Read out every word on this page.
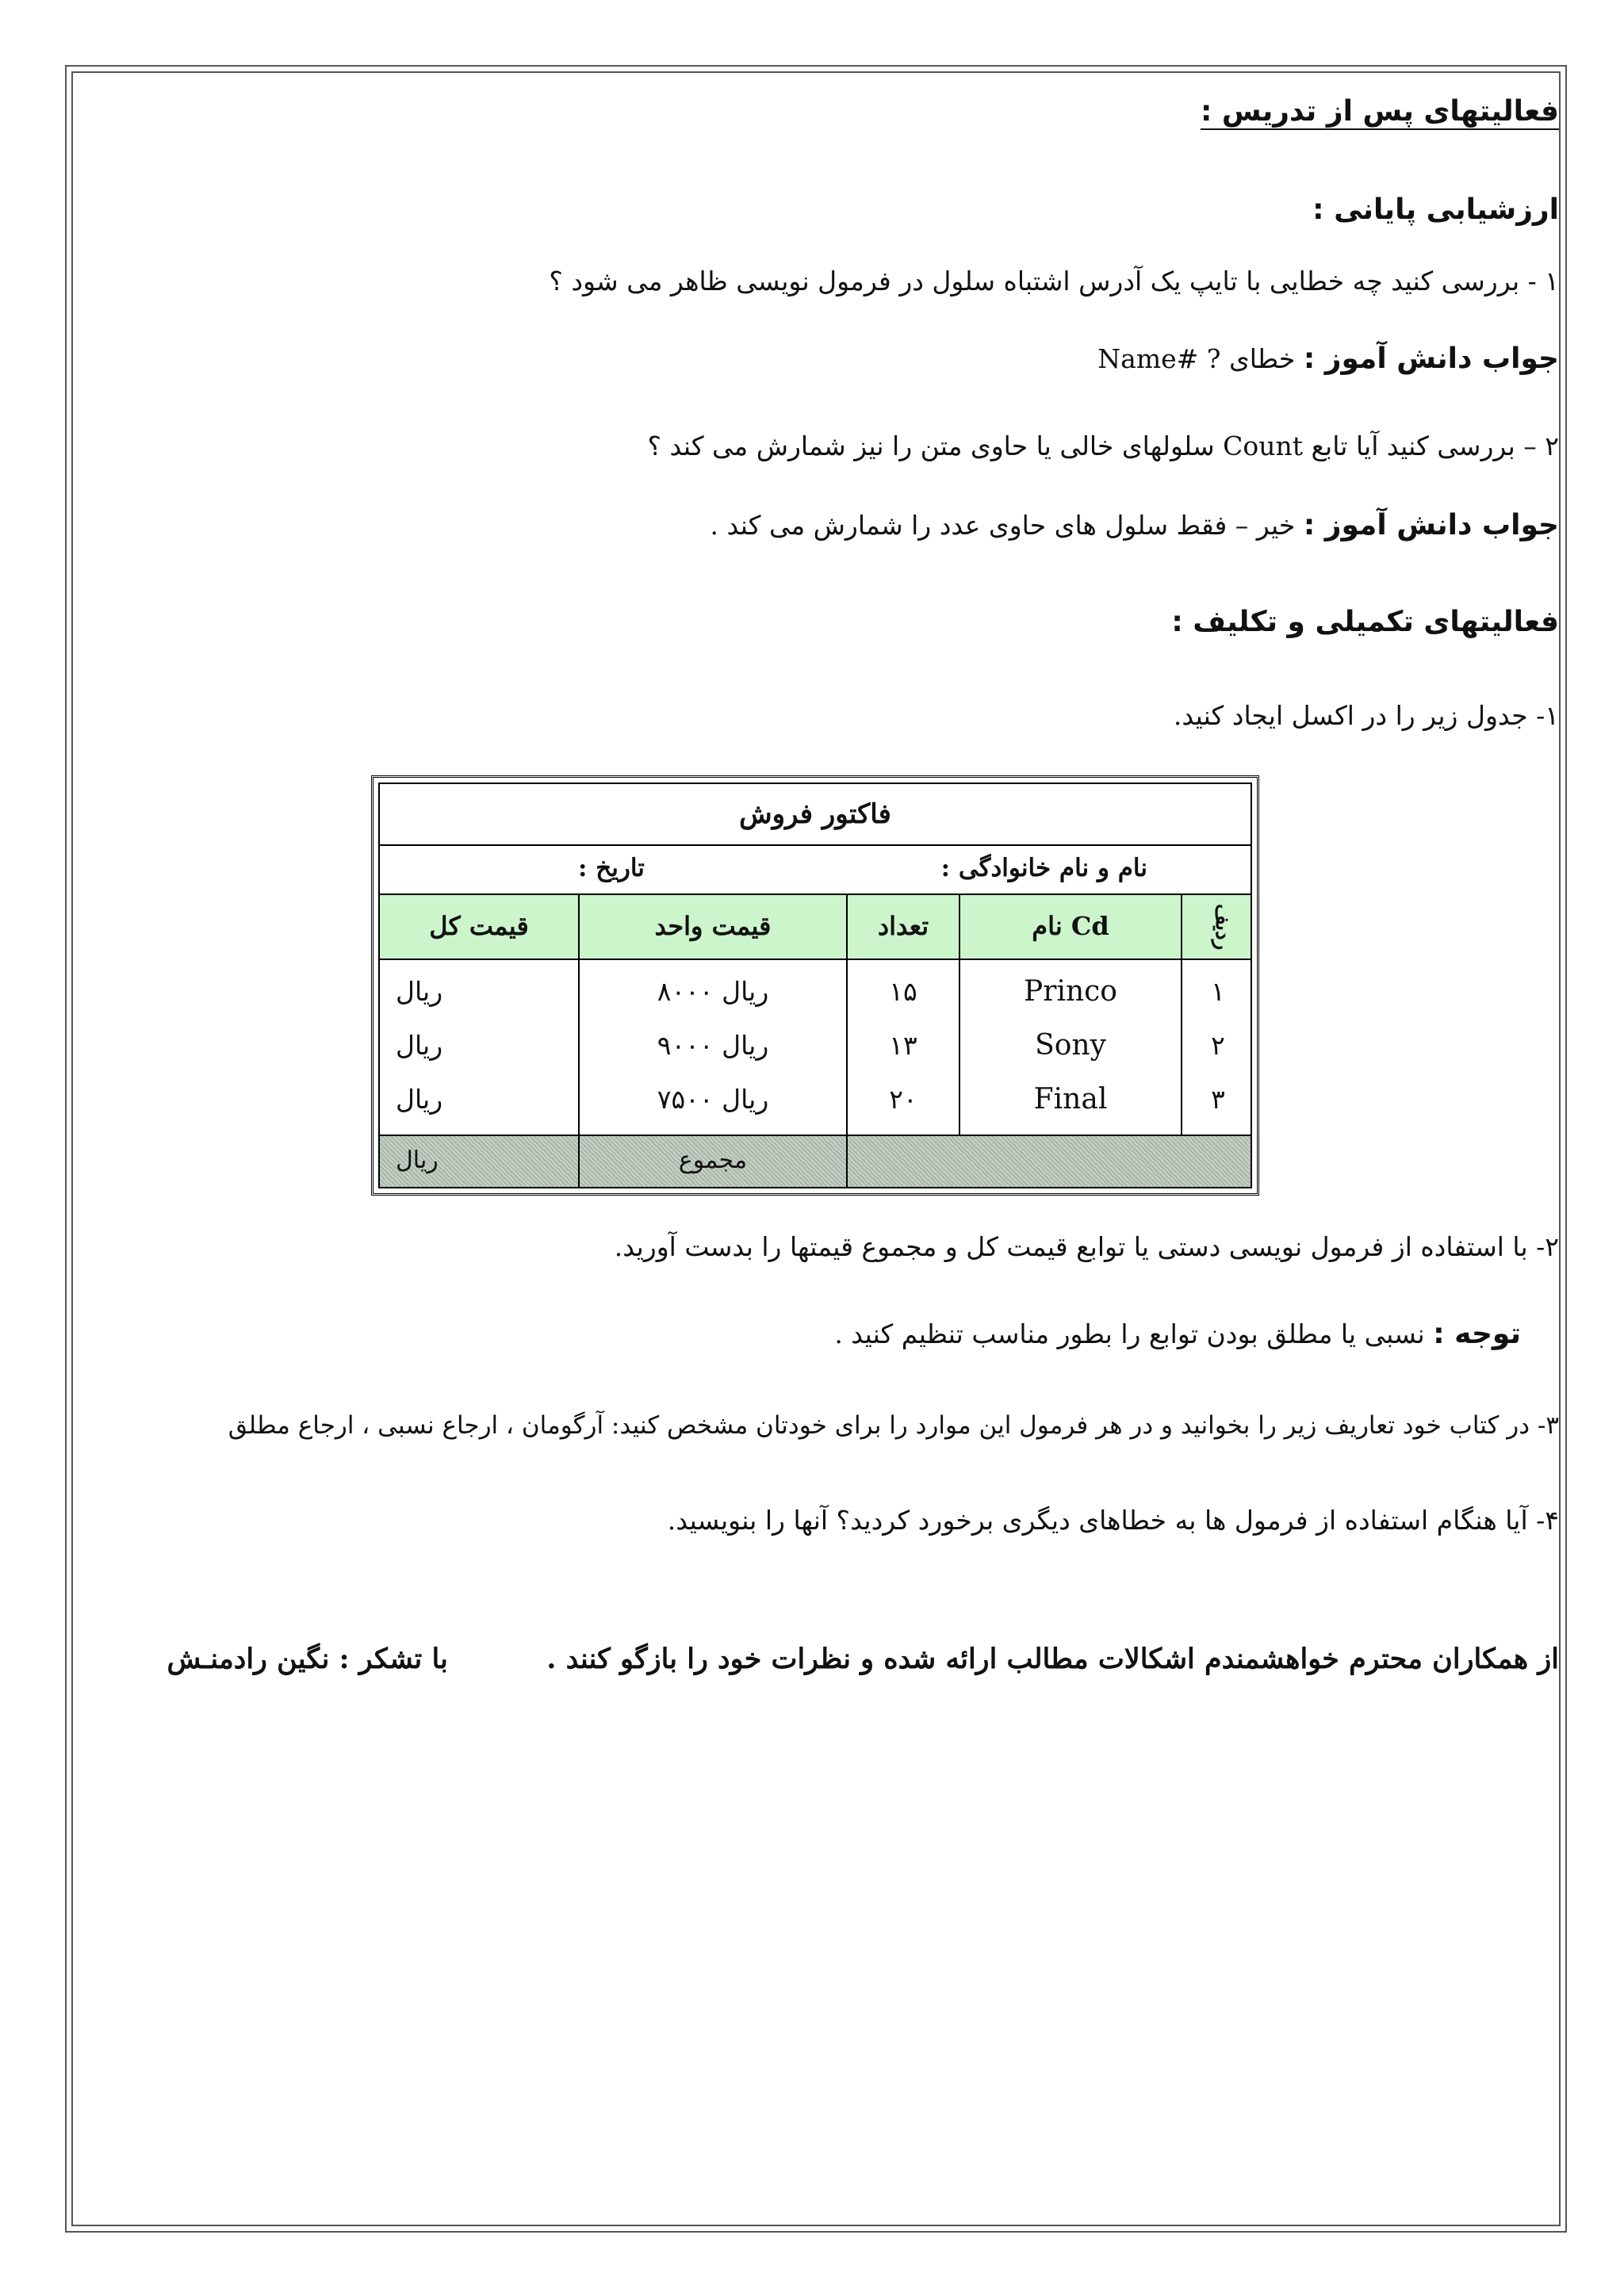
فعالیتهای پس از تدریس :
ارزشیابی پایانی :
۱ - بررسی کنید چه خطایی با تایپ یک آدرس اشتباه سلول در فرمول نویسی ظاهر می شود ؟
جواب دانش آموز : خطای ? #Name
۲ – بررسی کنید آیا تابع Count سلولهای خالی یا حاوی متن را نیز شمارش می کند ؟
جواب دانش آموز : خیر – فقط سلول های حاوی عدد را شمارش می کند .
فعالیتهای تکمیلی و تکلیف :
۱- جدول زیر را در اکسل ایجاد کنید.
فاکتور فروش
نام و نام خانوادگی :
تاریخ :
مجموع
ریال
ردیف
نام Cd
تعداد
قیمت واحد
قیمت کل
۱
Princo
۱۵
ریال ۸۰۰۰
ریال
۲
Sony
۱۳
ریال ۹۰۰۰
ریال
۳
Final
۲۰
ریال ۷۵۰۰
ریال
۲- با استفاده از فرمول نویسی دستی یا توابع قیمت کل و مجموع قیمتها را بدست آورید.
توجه : نسبی یا مطلق بودن توابع را بطور مناسب تنظیم کنید .
۳- در کتاب خود تعاریف زیر را بخوانید و در هر فرمول این موارد را برای خودتان مشخص کنید: آرگومان ، ارجاع نسبی ، ارجاع مطلق
۴- آیا هنگام استفاده از فرمول ها به خطاهای دیگری برخورد کردید؟ آنها را بنویسید.
از همکاران محترم خواهشمندم اشکالات مطالب ارائه شده و نظرات خود را بازگو کنند .  با تشکر : نگین رادمنـش
